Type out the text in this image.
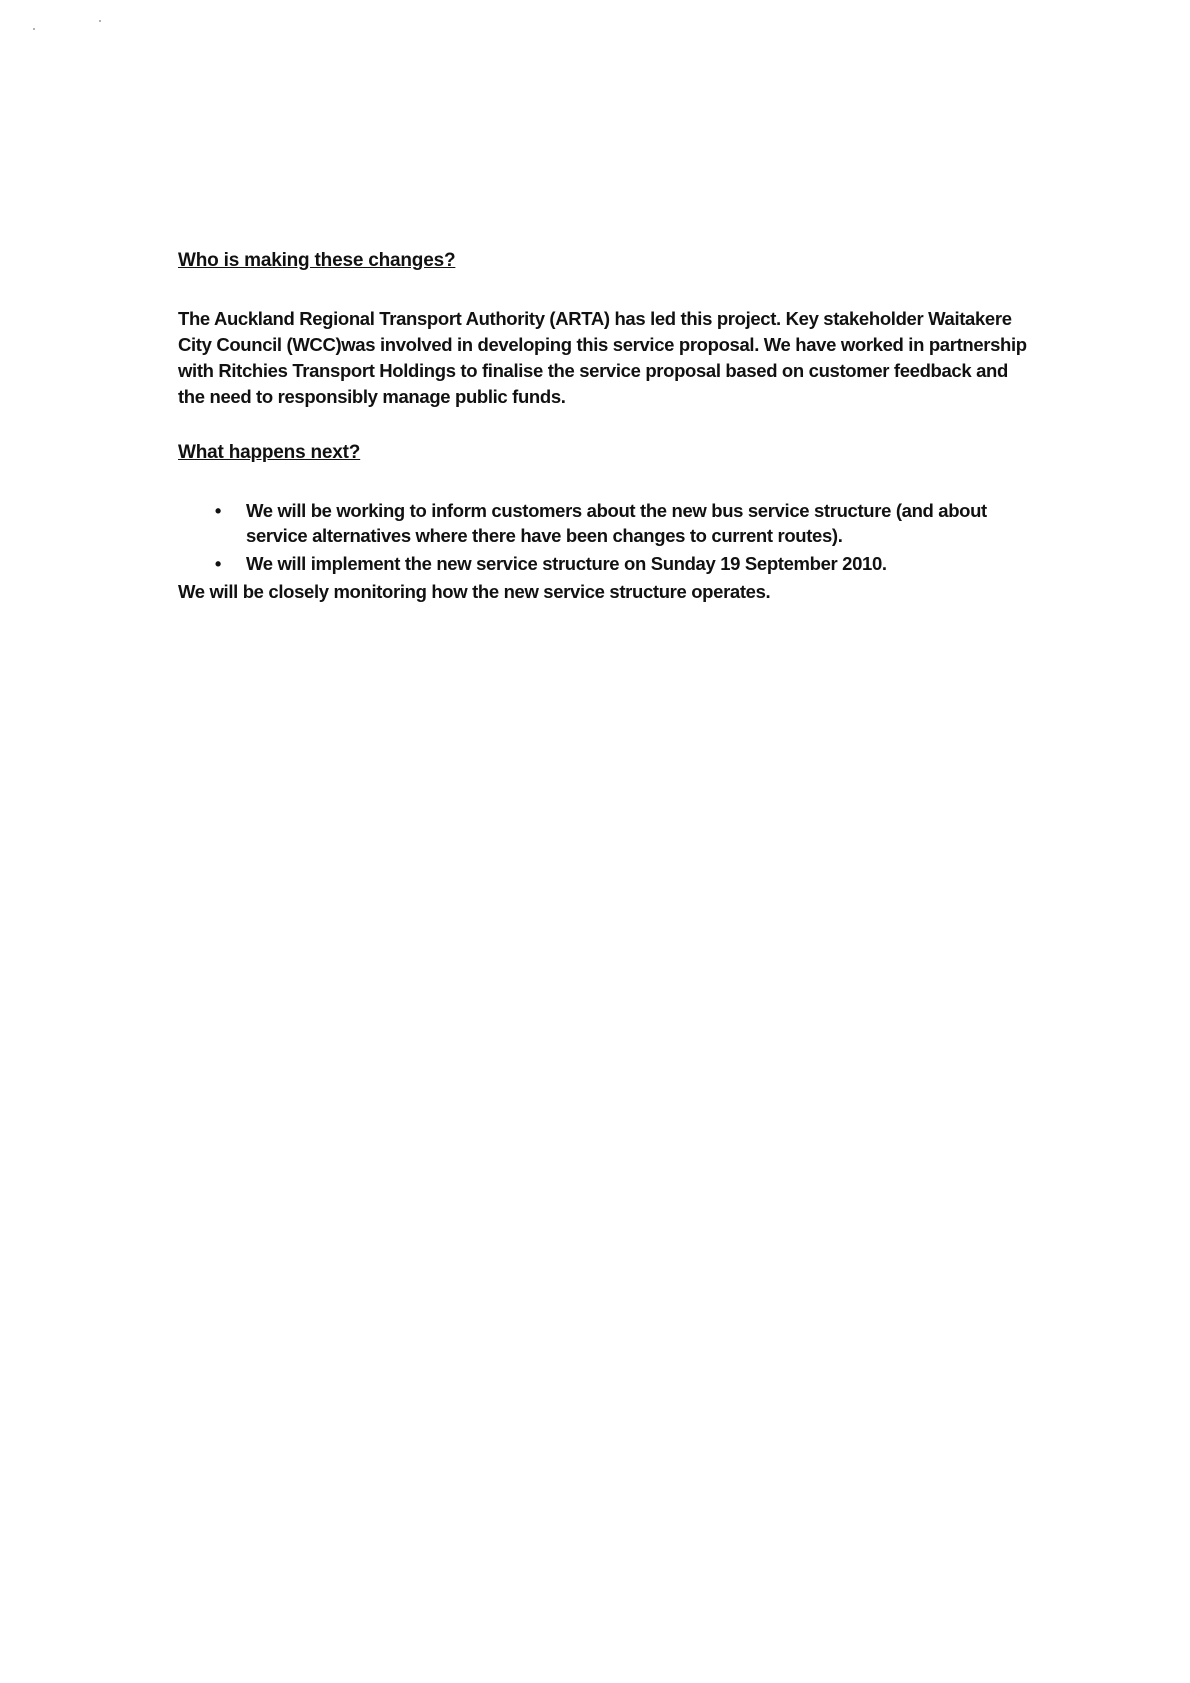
Who is making these changes?

The Auckland Regional Transport Authority (ARTA) has led this project. Key stakeholder Waitakere
City Council (WCC)was involved in developing this service proposal. We have worked in partnership
with Ritchies Transport Holdings to finalise the service proposal based on customer feedback and
the need to responsibly manage public funds.

What happens next?
• We will be working to inform customers about the new bus service structure (and about
service alternatives where there have been changes to current routes).
• We will implement the new service structure on Sunday 19 September 2010.

We will be closely monitoring how the new service structure operates.
